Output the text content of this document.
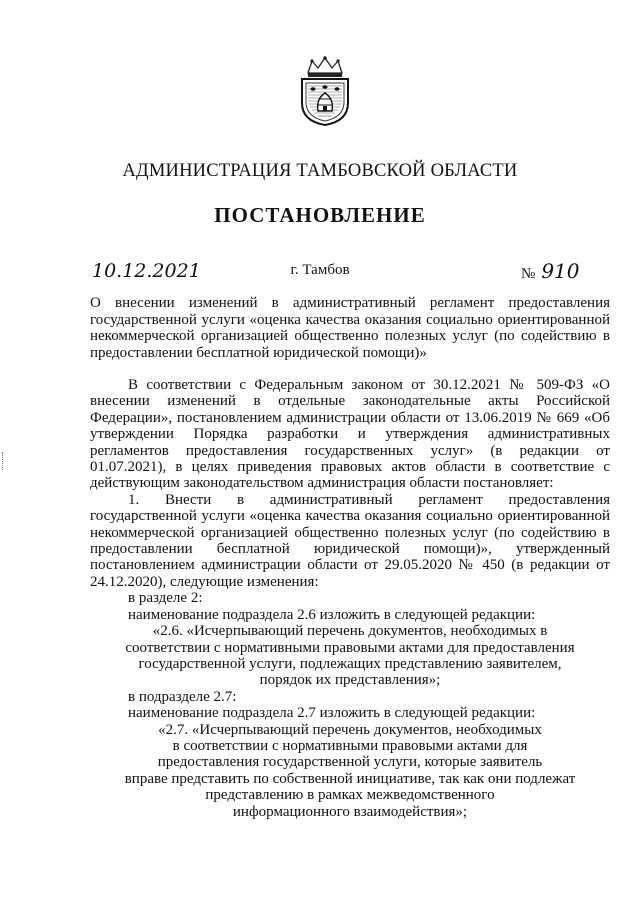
АДМИНИСТРАЦИЯ ТАМБОВСКОЙ ОБЛАСТИ
ПОСТАНОВЛЕНИЕ
10.12.2021	г. Тамбов	№ 910
О внесении изменений в административный регламент предоставления государственной услуги «оценка качества оказания социально ориентированной некоммерческой организацией общественно полезных услуг (по содействию в предоставлении бесплатной юридической помощи)»

В соответствии с Федеральным законом от 30.12.2021 № 509-ФЗ «О внесении изменений в отдельные законодательные акты Российской Федерации», постановлением администрации области от 13.06.2019 № 669 «Об утверждении Порядка разработки и утверждения административных регламентов предоставления государственных услуг» (в редакции от 01.07.2021), в целях приведения правовых актов области в соответствие с действующим законодательством администрация области постановляет:

1. Внести в административный регламент предоставления государственной услуги «оценка качества оказания социально ориентированной некоммерческой организацией общественно полезных услуг (по содействию в предоставлении бесплатной юридической помощи)», утвержденный постановлением администрации области от 29.05.2020 № 450 (в редакции от 24.12.2020), следующие изменения:

в разделе 2:

наименование подраздела 2.6 изложить в следующей редакции:

«2.6. «Исчерпывающий перечень документов, необходимых в

соответствии с нормативными правовыми актами для предоставления

государственной услуги, подлежащих представлению заявителем,

порядок их представления»;

в подразделе 2.7:

наименование подраздела 2.7 изложить в следующей редакции:

«2.7. «Исчерпывающий перечень документов, необходимых

в соответствии с нормативными правовыми актами для

предоставления государственной услуги, которые заявитель

вправе представить по собственной инициативе, так как они подлежат

представлению в рамках межведомственного

информационного взаимодействия»;
